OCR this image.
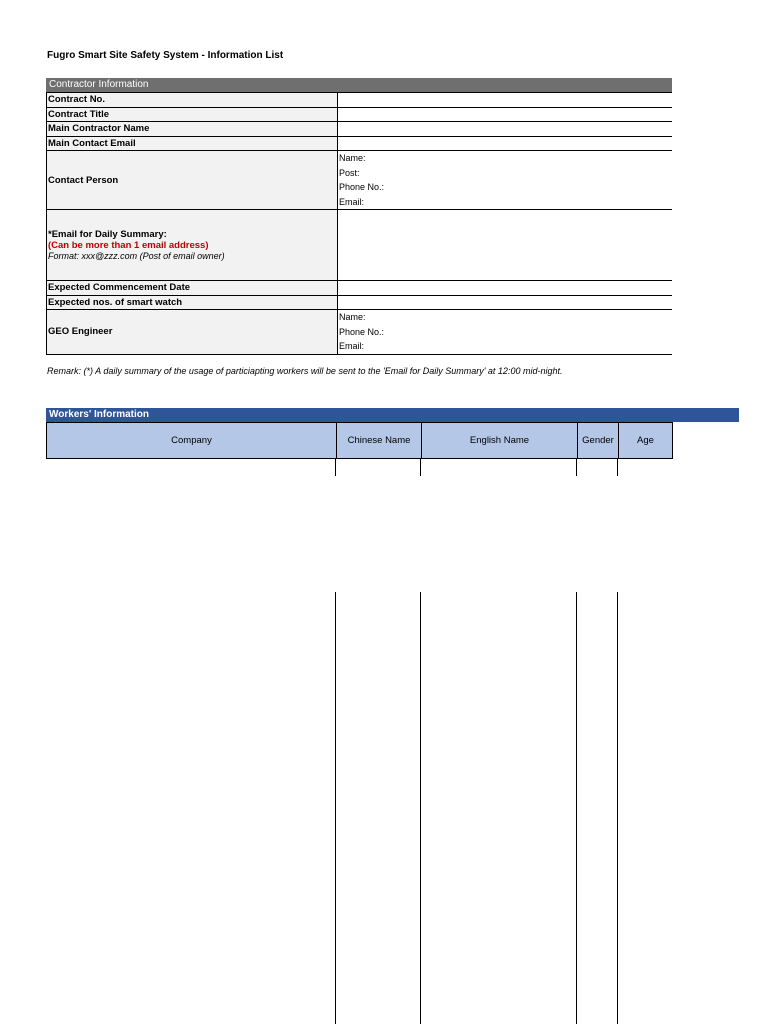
Fugro Smart Site Safety System - Information List
Contractor Information
Contract No.	
Contract Title	
Main Contractor Name	
Main Contact Email	
Contact Person	Name:
Post:
Phone No.:
Email:

*Email for Daily Summary:
(Can be more than 1 email address)
Format: xxx@zzz.com (Post of email owner)	

Expected Commencement Date	
Expected nos. of smart watch	
GEO Engineer	Name:
Phone No.:
Email:
Remark: (*) A daily summary of the usage of particiapting workers will be sent to the 'Email for Daily Summary' at 12:00 mid-night.
Workers' Information
Company	Chinese Name	English Name	Gender	Age
